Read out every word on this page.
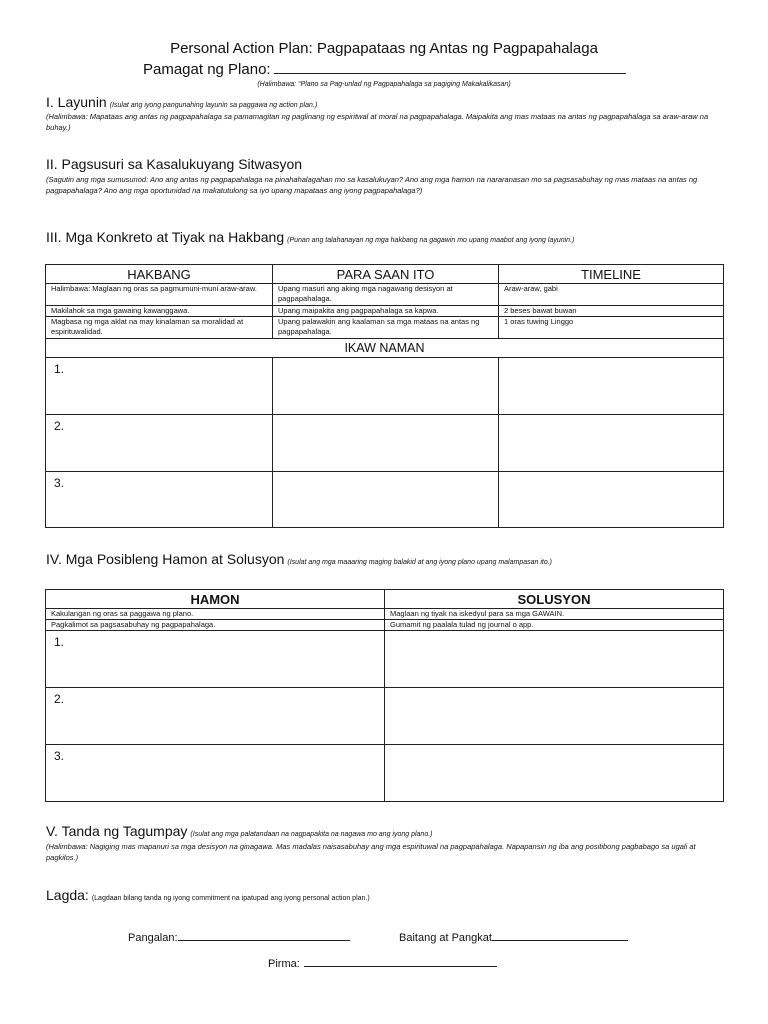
Personal Action Plan: Pagpapataas ng Antas ng Pagpapahalaga
Pamagat ng Plano:
(Halimbawa: “Plano sa Pag-unlad ng Pagpapahalaga sa pagiging Makakalikasan)
I. Layunin (Isulat ang iyong pangunahing layunin sa paggawa ng action plan.)
(Halimbawa: Mapataas ang antas ng pagpapahalaga sa pamamagitan ng paglinang ng espiritwal at moral na pagpapahalaga. Maipakita ang mas mataas na antas ng pagpapahalaga sa araw-araw na buhay.)
II. Pagsusuri sa Kasalukuyang Sitwasyon
(Sagutin ang mga sumusunod: Ano ang antas ng pagpapahalaga na pinahahalagahan mo sa kasalukuyan? Ano ang mga hamon na nararanasan mo sa pagsasabuhay ng mas mataas na antas ng pagpapahalaga? Ano ang mga oportunidad na makatutulong sa iyo upang mapataas ang iyong pagpapahalaga?)
III. Mga Konkreto at Tiyak na Hakbang (Punan ang talahanayan ng mga hakbang na gagawin mo upang maabot ang iyong layunin.)
HAKBANG	PARA SAAN ITO	TIMELINE
Halimbawa: Maglaan ng oras sa pagmumuni-muni araw-araw.	Upang masuri ang aking mga nagawang desisyon at pagpapahalaga.	Araw-araw, gabi
Makilahok sa mga gawaing kawanggawa.	Upang maipakita ang pagpapahalaga sa kapwa.	2 beses bawat buwan
Magbasa ng mga aklat na may kinalaman sa moralidad at espirituwalidad.	Upang palawakin ang kaalaman sa mga mataas na antas ng pagpapahalaga.	1 oras tuwing Linggo
IKAW NAMAN		
1.		
2.		
3.		
IV. Mga Posibleng Hamon at Solusyon (Isulat ang mga maaaring maging balakid at ang iyong plano upang malampasan ito.)
HAMON	SOLUSYON
Kakulangan ng oras sa paggawa ng plano.	Maglaan ng tiyak na iskedyul para sa mga GAWAIN.
Pagkalimot sa pagsasabuhay ng pagpapahalaga.	Gumamit ng paalala tulad ng journal o app.
1.	
2.	
3.	
V. Tanda ng Tagumpay (Isulat ang mga palatandaan na nagpapakita na nagawa mo ang iyong plano.)
(Halimbawa: Nagiging mas mapanuri sa mga desisyon na ginagawa. Mas madalas naisasabuhay ang mga espirituwal na pagpapahalaga. Napapansin ng iba ang positibong pagbabago sa ugali at pagkilos.)
Lagda: (Lagdaan bilang tanda ng iyong commitment na ipatupad ang iyong personal action plan.)
Pangalan:	Baitang at Pangkat
Pirma:
